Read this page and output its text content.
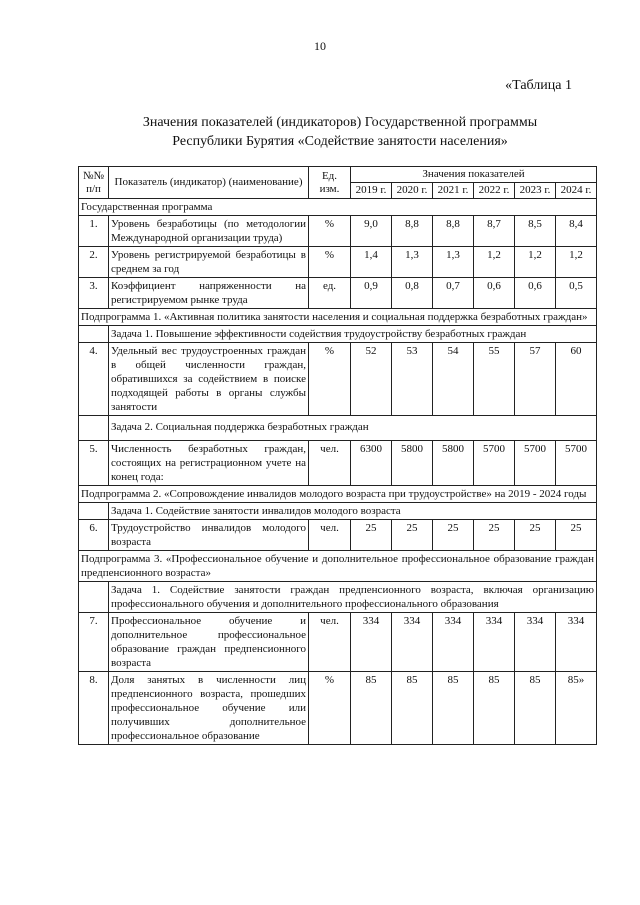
10
«Таблица 1
Значения показателей (индикаторов) Государственной программы
Республики Бурятия «Содействие занятости населения»
№№ п/п	Показатель (индикатор) (наименование)	Ед. изм.	Значения показателей					
			2019 г.	2020 г.	2021 г.	2022 г.	2023 г.	2024 г.
Государственная программа								
1.	Уровень безработицы (по методологии Международной организации труда)	%	9,0	8,8	8,8	8,7	8,5	8,4
2.	Уровень регистрируемой безработицы в среднем за год	%	1,4	1,3	1,3	1,2	1,2	1,2
3.	Коэффициент напряженности на регистрируемом рынке труда	ед.	0,9	0,8	0,7	0,6	0,6	0,5
Подпрограмма 1. «Активная политика занятости населения и социальная поддержка безработных граждан»								
	Задача 1. Повышение эффективности содействия трудоустройству безработных граждан							
4.	Удельный вес трудоустроенных граждан в общей численности граждан, обратившихся за содействием в поиске подходящей работы в органы службы занятости	%	52	53	54	55	57	60
	Задача 2. Социальная поддержка безработных граждан							
5.	Численность безработных граждан, состоящих на регистрационном учете на конец года:	чел.	6300	5800	5800	5700	5700	5700
Подпрограмма 2. «Сопровождение инвалидов молодого возраста при трудоустройстве» на 2019 - 2024 годы								
	Задача 1. Содействие занятости инвалидов молодого возраста							
6.	Трудоустройство инвалидов молодого возраста	чел.	25	25	25	25	25	25
Подпрограмма 3. «Профессиональное обучение и дополнительное профессиональное образование граждан предпенсионного возраста»								
	Задача 1. Содействие занятости граждан предпенсионного возраста, включая организацию профессионального обучения и дополнительного профессионального образования							
7.	Профессиональное обучение и дополнительное профессиональное образование граждан предпенсионного возраста	чел.	334	334	334	334	334	334
8.	Доля занятых в численности лиц предпенсионного возраста, прошедших профессиональное обучение или получивших дополнительное профессиональное образование	%	85	85	85	85	85	85»
